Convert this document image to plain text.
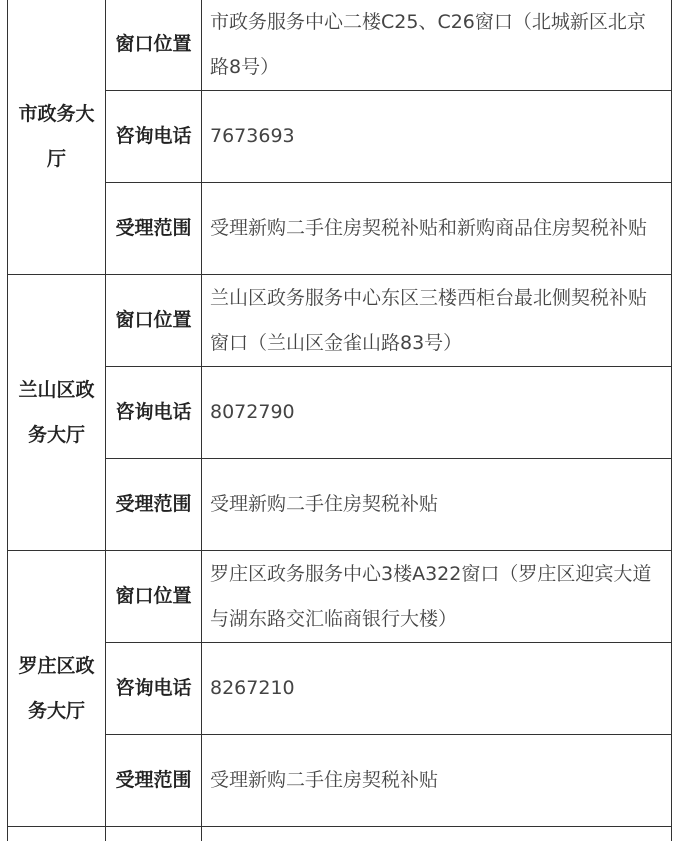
市政务大厅	窗口位置	市政务服务中心二楼C25、C26窗口（北城新区北京路8号）
	咨询电话	7673693
	受理范围	受理新购二手住房契税补贴和新购商品住房契税补贴
兰山区政务大厅	窗口位置	兰山区政务服务中心东区三楼西柜台最北侧契税补贴窗口（兰山区金雀山路83号）
	咨询电话	8072790
	受理范围	受理新购二手住房契税补贴
罗庄区政务大厅	窗口位置	罗庄区政务服务中心3楼A322窗口（罗庄区迎宾大道与湖东路交汇临商银行大楼）
	咨询电话	8267210
	受理范围	受理新购二手住房契税补贴
